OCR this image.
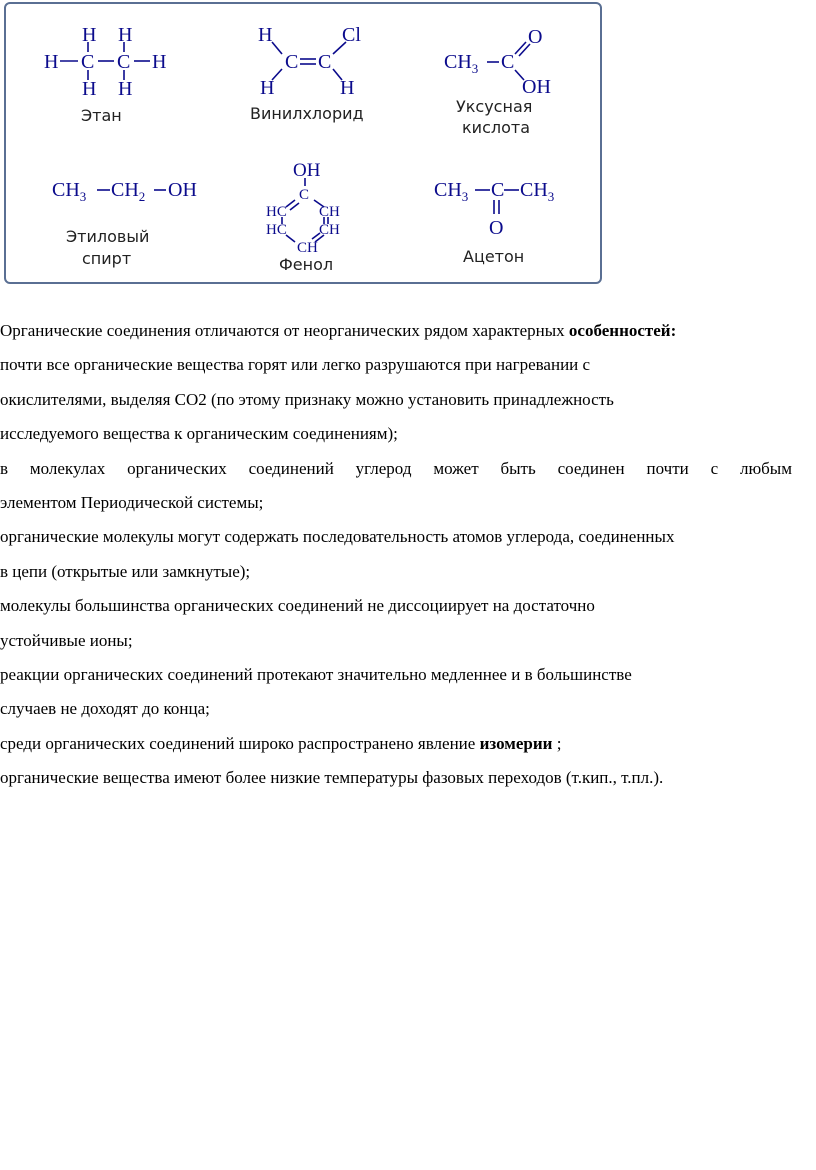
H H
H C C H
H H
Этан
H	Cl
C C
H	H
Винилхлорид
$CH_3$ C
O
OH
Уксусная
кислота
$CH_3$ $CH_2$ OH
Этиловый
спирт
OH
C
HC CH
HC CH
CH
Фенол
$CH_3$ C $CH_3$
O
Ацетон

Органические соединения отличаются от неорганических рядом характерных особенностей:

почти все органические вещества горят или легко разрушаются при нагревании с

окислителями, выделяя СО2 (по этому признаку можно установить принадлежность

исследуемого вещества к органическим соединениям);

в молекулах органических соединений углерод может быть соединен почти с любым

элементом Периодической системы;

органические молекулы могут содержать последовательность атомов углерода, соединенных

в цепи (открытые или замкнутые);

молекулы большинства органических соединений не диссоциирует на достаточно

устойчивые ионы;

реакции органических соединений протекают значительно медленнее и в большинстве

случаев не доходят до конца;

среди органических соединений широко распространено явление изомерии ;

органические вещества имеют более низкие температуры фазовых переходов (т.кип., т.пл.).
